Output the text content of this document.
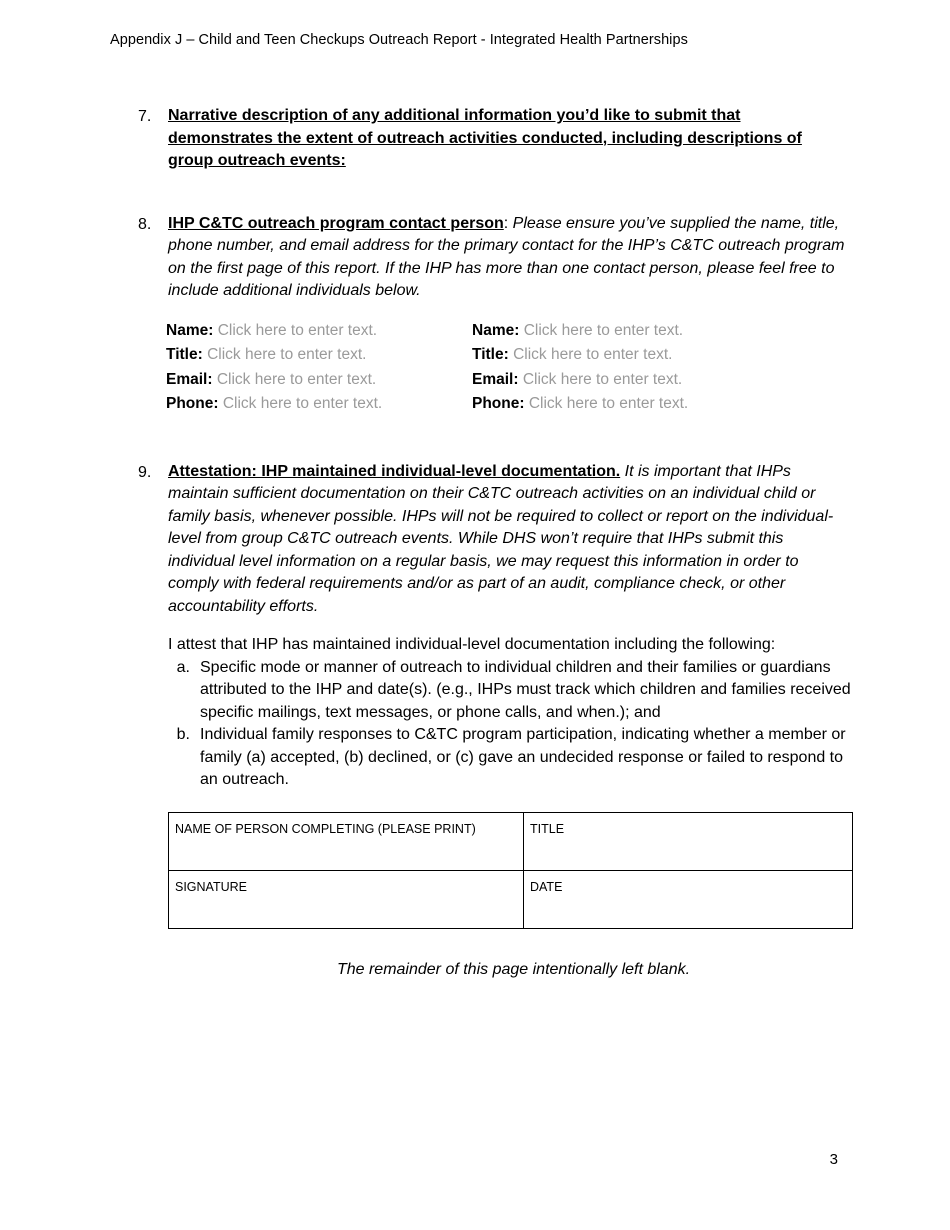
Appendix J – Child and Teen Checkups Outreach Report - Integrated Health Partnerships
7.	Narrative description of any additional information you’d like to submit that demonstrates the extent of outreach activities conducted, including descriptions of group outreach events:
8.	IHP C&TC outreach program contact person: Please ensure you’ve supplied the name, title, phone number, and email address for the primary contact for the IHP’s C&TC outreach program on the first page of this report. If the IHP has more than one contact person, please feel free to include additional individuals below.
Name: Click here to enter text.
Title: Click here to enter text.
Email: Click here to enter text.
Phone: Click here to enter text.
Name: Click here to enter text.
Title: Click here to enter text.
Email: Click here to enter text.
Phone: Click here to enter text.
9.	Attestation: IHP maintained individual-level documentation. It is important that IHPs maintain sufficient documentation on their C&TC outreach activities on an individual child or family basis, whenever possible. IHPs will not be required to collect or report on the individual-level from group C&TC outreach events. While DHS won’t require that IHPs submit this individual level information on a regular basis, we may request this information in order to comply with federal requirements and/or as part of an audit, compliance check, or other accountability efforts.
I attest that IHP has maintained individual-level documentation including the following:
a. Specific mode or manner of outreach to individual children and their families or guardians attributed to the IHP and date(s). (e.g., IHPs must track which children and families received specific mailings, text messages, or phone calls, and when.); and
b. Individual family responses to C&TC program participation, indicating whether a member or family (a) accepted, (b) declined, or (c) gave an undecided response or failed to respond to an outreach.
NAME OF PERSON COMPLETING (PLEASE PRINT)	TITLE
SIGNATURE	DATE
The remainder of this page intentionally left blank.
3
